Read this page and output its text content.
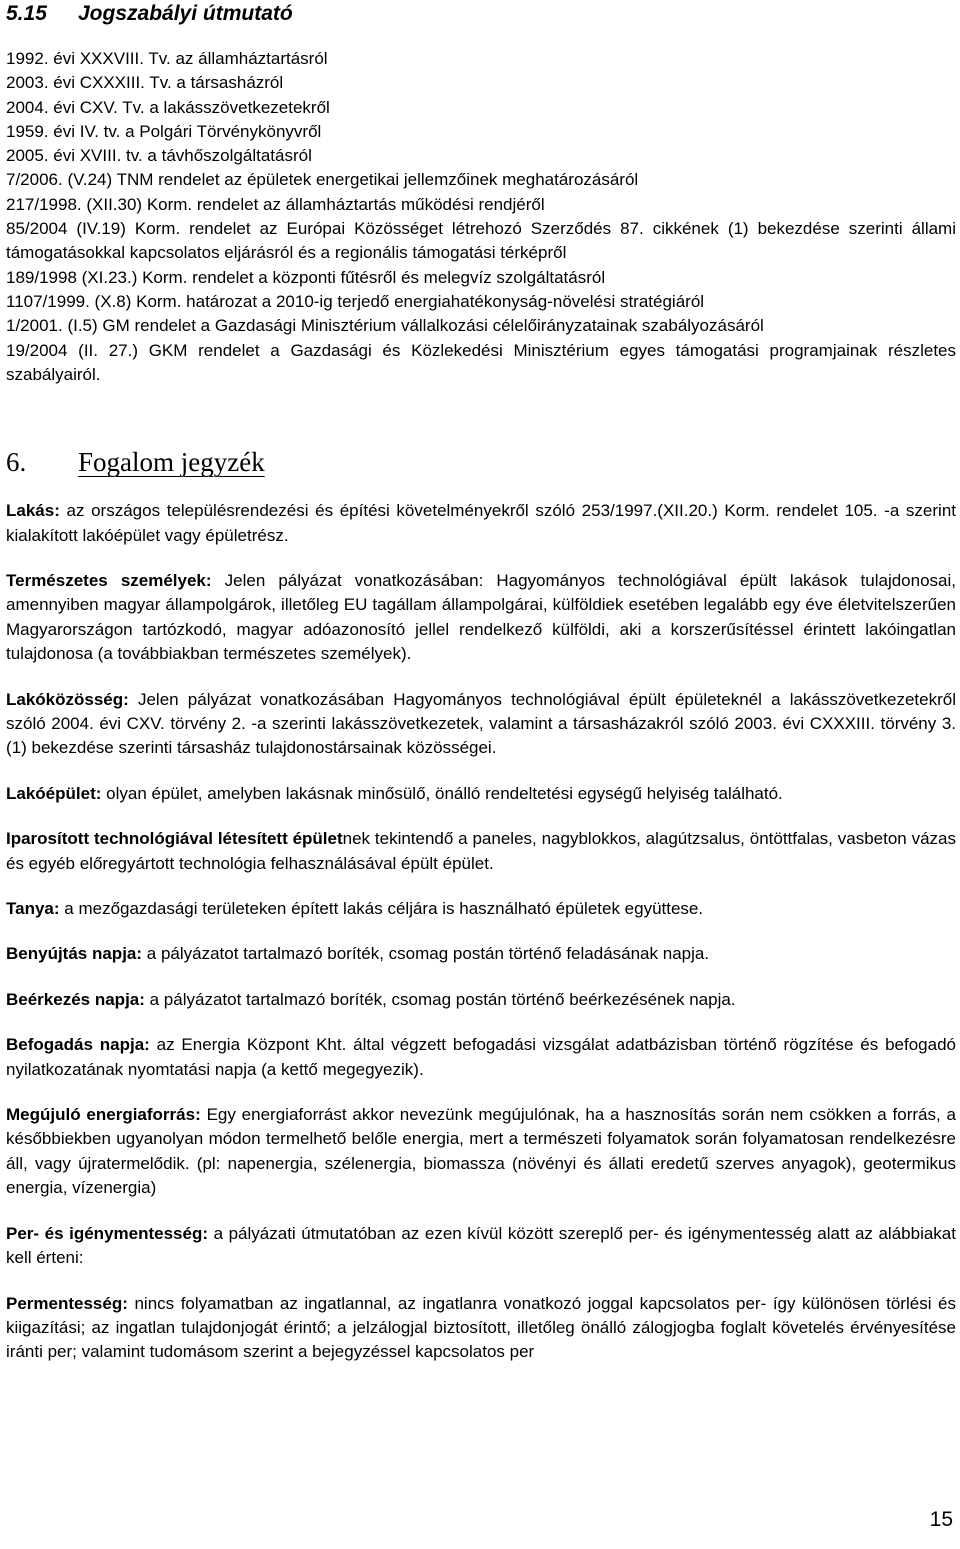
5.15 Jogszabályi útmutató
1992. évi XXXVIII. Tv. az államháztartásról
2003. évi CXXXIII. Tv. a társasházról
2004. évi CXV. Tv. a lakásszövetkezetekről
1959. évi IV. tv. a Polgári Törvénykönyvről
2005. évi XVIII. tv. a távhőszolgáltatásról
7/2006. (V.24) TNM rendelet az épületek energetikai jellemzőinek meghatározásáról
217/1998. (XII.30) Korm. rendelet az államháztartás működési rendjéről
85/2004 (IV.19) Korm. rendelet az Európai Közösséget létrehozó Szerződés 87. cikkének (1) bekezdése szerinti állami támogatásokkal kapcsolatos eljárásról és a regionális támogatási térképről
189/1998 (XI.23.) Korm. rendelet a központi fűtésről és melegvíz szolgáltatásról
1107/1999. (X.8) Korm. határozat a 2010-ig terjedő energiahatékonyság-növelési stratégiáról
1/2001. (I.5) GM rendelet a Gazdasági Minisztérium vállalkozási célelőirányzatainak szabályozásáról
19/2004 (II. 27.) GKM rendelet a Gazdasági és Közlekedési Minisztérium egyes támogatási programjainak részletes szabályairól.
6. Fogalom jegyzék

Lakás: az országos településrendezési és építési követelményekről szóló 253/1997.(XII.20.) Korm. rendelet 105. -a szerint kialakított lakóépület vagy épületrész.

Természetes személyek: Jelen pályázat vonatkozásában: Hagyományos technológiával épült lakások tulajdonosai, amennyiben magyar állampolgárok, illetőleg EU tagállam állampolgárai, külföldiek esetében legalább egy éve életvitelszerűen Magyarországon tartózkodó, magyar adóazonosító jellel rendelkező külföldi, aki a korszerűsítéssel érintett lakóingatlan tulajdonosa (a továbbiakban természetes személyek).

Lakóközösség: Jelen pályázat vonatkozásában Hagyományos technológiával épült épületeknél a lakásszövetkezetekről szóló 2004. évi CXV. törvény 2. -a szerinti lakásszövetkezetek, valamint a társasházakról szóló 2003. évi CXXXIII. törvény 3. (1) bekezdése szerinti társasház tulajdonostársainak közösségei.

Lakóépület: olyan épület, amelyben lakásnak minősülő, önálló rendeltetési egységű helyiség található.

Iparosított technológiával létesített épületnek tekintendő a paneles, nagyblokkos, alagútzsalus, öntöttfalas, vasbeton vázas és egyéb előregyártott technológia felhasználásával épült épület.

Tanya: a mezőgazdasági területeken épített lakás céljára is használható épületek együttese.

Benyújtás napja: a pályázatot tartalmazó boríték, csomag postán történő feladásának napja.

Beérkezés napja: a pályázatot tartalmazó boríték, csomag postán történő beérkezésének napja.

Befogadás napja: az Energia Központ Kht. által végzett befogadási vizsgálat adatbázisban történő rögzítése és befogadó nyilatkozatának nyomtatási napja (a kettő megegyezik).

Megújuló energiaforrás: Egy energiaforrást akkor nevezünk megújulónak, ha a hasznosítás során nem csökken a forrás, a későbbiekben ugyanolyan módon termelhető belőle energia, mert a természeti folyamatok során folyamatosan rendelkezésre áll, vagy újratermelődik. (pl: napenergia, szélenergia, biomassza (növényi és állati eredetű szerves anyagok), geotermikus energia, vízenergia)

Per- és igénymentesség: a pályázati útmutatóban az ezen kívül között szereplő per- és igénymentesség alatt az alábbiakat kell érteni:

Permentesség: nincs folyamatban az ingatlannal, az ingatlanra vonatkozó joggal kapcsolatos per- így különösen törlési és kiigazítási; az ingatlan tulajdonjogát érintő; a jelzálogjal biztosított, illetőleg önálló zálogjogba foglalt követelés érvényesítése iránti per; valamint tudomásom szerint a bejegyzéssel kapcsolatos per

15
